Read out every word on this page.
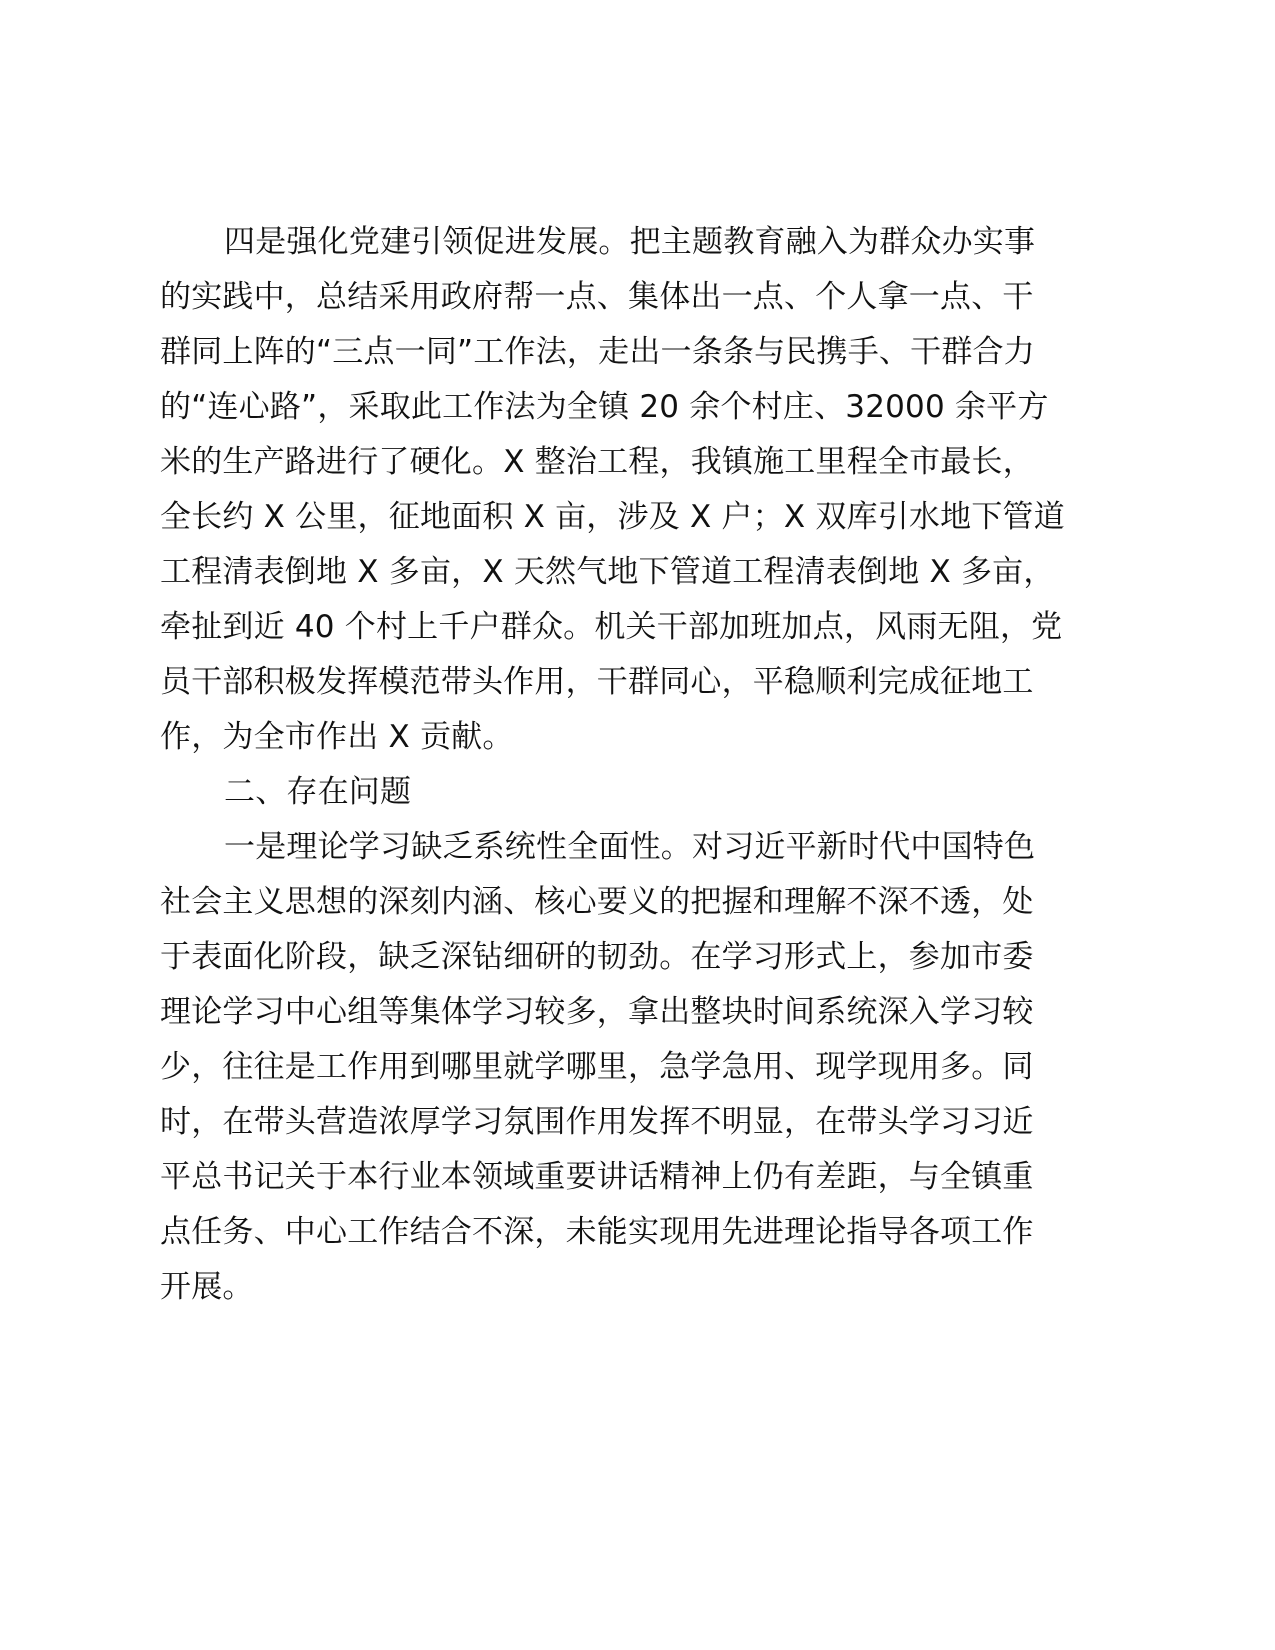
四是强化党建引领促进发展。把主题教育融入为群众办实事
的实践中，总结采用政府帮一点、集体出一点、个人拿一点、干
群同上阵的“三点一同”工作法，走出一条条与民携手、干群合力
的“连心路”，采取此工作法为全镇 20 余个村庄、32000 余平方
米的生产路进行了硬化。X 整治工程，我镇施工里程全市最长，
全长约 X 公里，征地面积 X 亩，涉及 X 户；X 双库引水地下管道
工程清表倒地 X 多亩，X 天然气地下管道工程清表倒地 X 多亩，
牵扯到近 40 个村上千户群众。机关干部加班加点，风雨无阻，党
员干部积极发挥模范带头作用，干群同心，平稳顺利完成征地工
作，为全市作出 X 贡献。
二、存在问题
一是理论学习缺乏系统性全面性。对习近平新时代中国特色
社会主义思想的深刻内涵、核心要义的把握和理解不深不透，处
于表面化阶段，缺乏深钻细研的韧劲。在学习形式上，参加市委
理论学习中心组等集体学习较多，拿出整块时间系统深入学习较
少，往往是工作用到哪里就学哪里，急学急用、现学现用多。同
时，在带头营造浓厚学习氛围作用发挥不明显，在带头学习习近
平总书记关于本行业本领域重要讲话精神上仍有差距，与全镇重
点任务、中心工作结合不深，未能实现用先进理论指导各项工作
开展。
